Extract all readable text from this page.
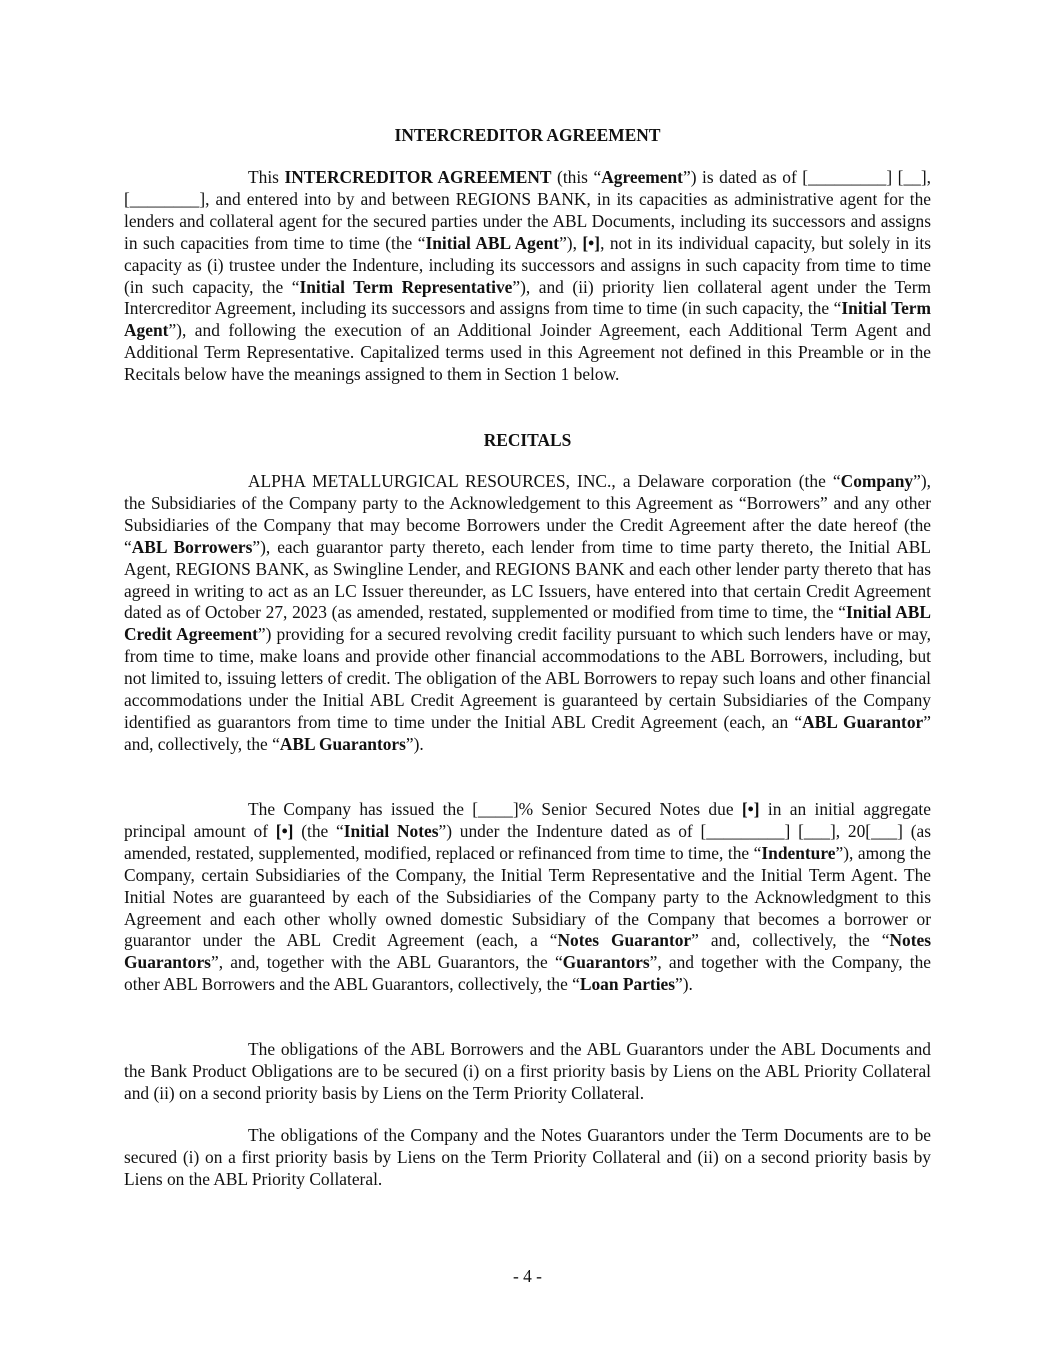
INTERCREDITOR AGREEMENT

This INTERCREDITOR AGREEMENT (this “Agreement”) is dated as of [_________] [__], [________], and entered into by and between REGIONS BANK, in its capacities as administrative agent for the lenders and collateral agent for the secured parties under the ABL Documents, including its successors and assigns in such capacities from time to time (the “Initial ABL Agent”), [•], not in its individual capacity, but solely in its capacity as (i) trustee under the Indenture, including its successors and assigns in such capacity from time to time (in such capacity, the “Initial Term Representative”), and (ii) priority lien collateral agent under the Term Intercreditor Agreement, including its successors and assigns from time to time (in such capacity, the “Initial Term Agent”), and following the execution of an Additional Joinder Agreement, each Additional Term Agent and Additional Term Representative. Capitalized terms used in this Agreement not defined in this Preamble or in the Recitals below have the meanings assigned to them in Section 1 below.

RECITALS

ALPHA METALLURGICAL RESOURCES, INC., a Delaware corporation (the “Company”), the Subsidiaries of the Company party to the Acknowledgement to this Agreement as “Borrowers” and any other Subsidiaries of the Company that may become Borrowers under the Credit Agreement after the date hereof (the “ABL Borrowers”), each guarantor party thereto, each lender from time to time party thereto, the Initial ABL Agent, REGIONS BANK, as Swingline Lender, and REGIONS BANK and each other lender party thereto that has agreed in writing to act as an LC Issuer thereunder, as LC Issuers, have entered into that certain Credit Agreement dated as of October 27, 2023 (as amended, restated, supplemented or modified from time to time, the “Initial ABL Credit Agreement”) providing for a secured revolving credit facility pursuant to which such lenders have or may, from time to time, make loans and provide other financial accommodations to the ABL Borrowers, including, but not limited to, issuing letters of credit. The obligation of the ABL Borrowers to repay such loans and other financial accommodations under the Initial ABL Credit Agreement is guaranteed by certain Subsidiaries of the Company identified as guarantors from time to time under the Initial ABL Credit Agreement (each, an “ABL Guarantor” and, collectively, the “ABL Guarantors”).

The Company has issued the [____]% Senior Secured Notes due [•] in an initial aggregate principal amount of [•] (the “Initial Notes”) under the Indenture dated as of [_________] [___], 20[___] (as amended, restated, supplemented, modified, replaced or refinanced from time to time, the “Indenture”), among the Company, certain Subsidiaries of the Company, the Initial Term Representative and the Initial Term Agent. The Initial Notes are guaranteed by each of the Subsidiaries of the Company party to the Acknowledgment to this Agreement and each other wholly owned domestic Subsidiary of the Company that becomes a borrower or guarantor under the ABL Credit Agreement (each, a “Notes Guarantor” and, collectively, the “Notes Guarantors”, and, together with the ABL Guarantors, the “Guarantors”, and together with the Company, the other ABL Borrowers and the ABL Guarantors, collectively, the “Loan Parties”).

The obligations of the ABL Borrowers and the ABL Guarantors under the ABL Documents and the Bank Product Obligations are to be secured (i) on a first priority basis by Liens on the ABL Priority Collateral and (ii) on a second priority basis by Liens on the Term Priority Collateral.

The obligations of the Company and the Notes Guarantors under the Term Documents are to be secured (i) on a first priority basis by Liens on the Term Priority Collateral and (ii) on a second priority basis by Liens on the ABL Priority Collateral.

- 4 -
